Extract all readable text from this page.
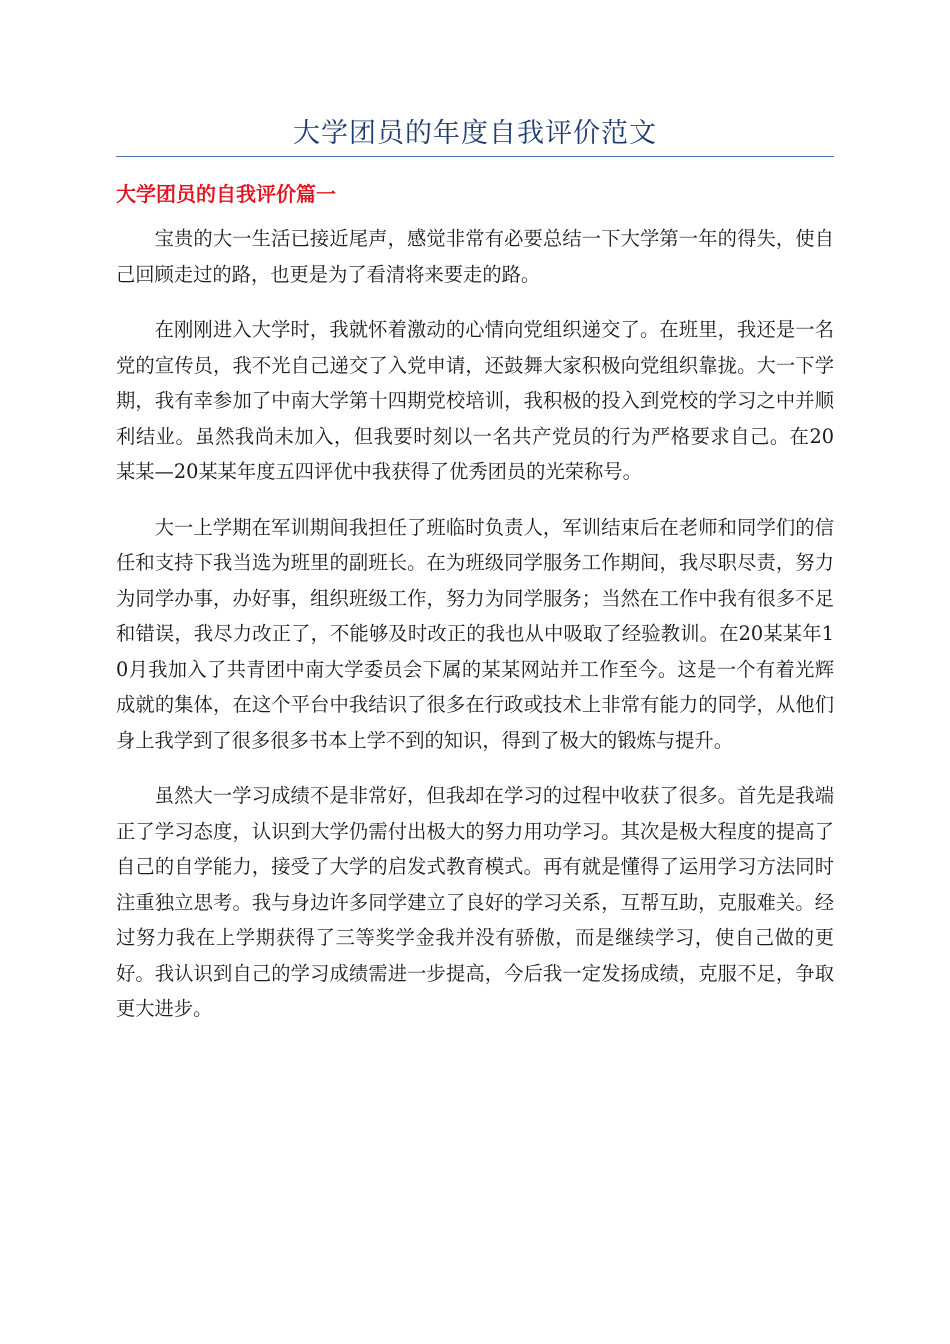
大学团员的年度自我评价范文
大学团员的自我评价篇一

宝贵的大一生活已接近尾声，感觉非常有必要总结一下大学第一年的得失，使自己回顾走过的路，也更是为了看清将来要走的路。

在刚刚进入大学时，我就怀着激动的心情向党组织递交了。在班里，我还是一名党的宣传员，我不光自己递交了入党申请，还鼓舞大家积极向党组织靠拢。大一下学期，我有幸参加了中南大学第十四期党校培训，我积极的投入到党校的学习之中并顺利结业。虽然我尚未加入，但我要时刻以一名共产党员的行为严格要求自己。在20某某—20某某年度五四评优中我获得了优秀团员的光荣称号。

大一上学期在军训期间我担任了班临时负责人，军训结束后在老师和同学们的信任和支持下我当选为班里的副班长。在为班级同学服务工作期间，我尽职尽责，努力为同学办事，办好事，组织班级工作，努力为同学服务；当然在工作中我有很多不足和错误，我尽力改正了，不能够及时改正的我也从中吸取了经验教训。在20某某年10月我加入了共青团中南大学委员会下属的某某网站并工作至今。这是一个有着光辉成就的集体，在这个平台中我结识了很多在行政或技术上非常有能力的同学，从他们身上我学到了很多很多书本上学不到的知识，得到了极大的锻炼与提升。

虽然大一学习成绩不是非常好，但我却在学习的过程中收获了很多。首先是我端正了学习态度，认识到大学仍需付出极大的努力用功学习。其次是极大程度的提高了自己的自学能力，接受了大学的启发式教育模式。再有就是懂得了运用学习方法同时注重独立思考。我与身边许多同学建立了良好的学习关系，互帮互助，克服难关。经过努力我在上学期获得了三等奖学金我并没有骄傲，而是继续学习，使自己做的更好。我认识到自己的学习成绩需进一步提高，今后我一定发扬成绩，克服不足，争取更大进步。
